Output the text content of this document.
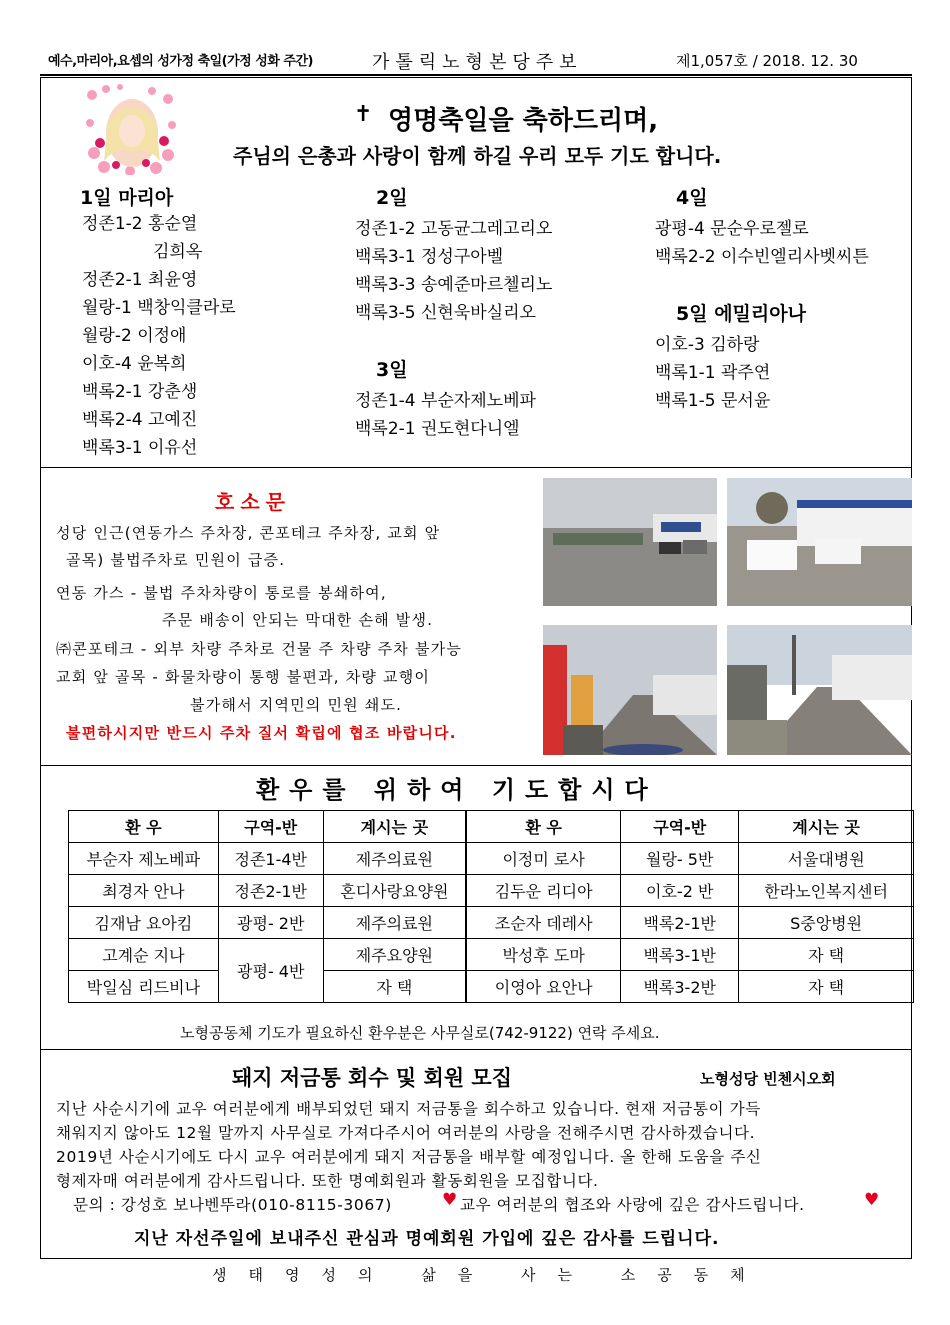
예수,마리아,요셉의 성가정 축일(가정 성화 주간)	가톨릭노형본당주보	제1,057호 / 2018. 12. 30
✝ 영명축일을 축하드리며,
주님의 은총과 사랑이 함께 하길 우리 모두 기도 합니다.
1일 마리아
정존1-2 홍순열
김희옥
정존2-1 최윤영
월랑-1 백창익클라로
월랑-2 이정애
이호-4 윤복희
백록2-1 강춘생
백록2-4 고예진
백록3-1 이유선
2일
정존1-2 고동균그레고리오
백록3-1 정성구아벨
백록3-3 송예준마르첼리노
백록3-5 신현욱바실리오
3일
정존1-4 부순자제노베파
백록2-1 권도현다니엘
4일
광평-4 문순우로젤로
백록2-2 이수빈엘리사벳씨튼
5일 에밀리아나
이호-3 김하랑
백록1-1 곽주연
백록1-5 문서윤
호소문
성당 인근(연동가스 주차장, 콘포테크 주차장, 교회 앞
골목) 불법주차로 민원이 급증.
연동 가스 - 불법 주차차량이 통로를 봉쇄하여,
주문 배송이 안되는 막대한 손해 발생.
㈜콘포테크 - 외부 차량 주차로 건물 주 차량 주차 불가능
교회 앞 골목 - 화물차량이 통행 불편과, 차량 교행이
불가해서 지역민의 민원 쇄도.
불편하시지만 반드시 주차 질서 확립에 협조 바랍니다.
환우를 위하여 기도합시다
환 우	구역-반	계시는 곳	환 우	구역-반	계시는 곳
부순자 제노베파	정존1-4반	제주의료원	이정미 로사	월랑- 5반	서울대병원
최경자 안나	정존2-1반	혼디사랑요양원	김두운 리디아	이호-2 반	한라노인복지센터
김재남 요아킴	광평- 2반	제주의료원	조순자 데레사	백록2-1반	S중앙병원
고계순 지나	광평- 4반	제주요양원	박성후 도마	백록3-1반	자 택
박일심 리드비나		자 택	이영아 요안나	백록3-2반	자 택
노형공동체 기도가 필요하신 환우분은 사무실로(742-9122) 연락 주세요.
돼지 저금통 회수 및 회원 모집	노형성당 빈첸시오회
지난 사순시기에 교우 여러분에게 배부되었던 돼지 저금통을 회수하고 있습니다. 현재 저금통이 가득
채워지지 않아도 12월 말까지 사무실로 가져다주시어 여러분의 사랑을 전해주시면 감사하겠습니다.
2019년 사순시기에도 다시 교우 여러분에게 돼지 저금통을 배부할 예정입니다. 올 한해 도움을 주신
형제자매 여러분에게 감사드립니다. 또한 명예회원과 활동회원을 모집합니다.
문의 : 강성호 보나벤뚜라(010-8115-3067)	♥ 교우 여러분의 협조와 사랑에 깊은 감사드립니다.	♥
지난 자선주일에 보내주신 관심과 명예회원 가입에 깊은 감사를 드립니다.
생태영성의 삶을 사는 소공동체
